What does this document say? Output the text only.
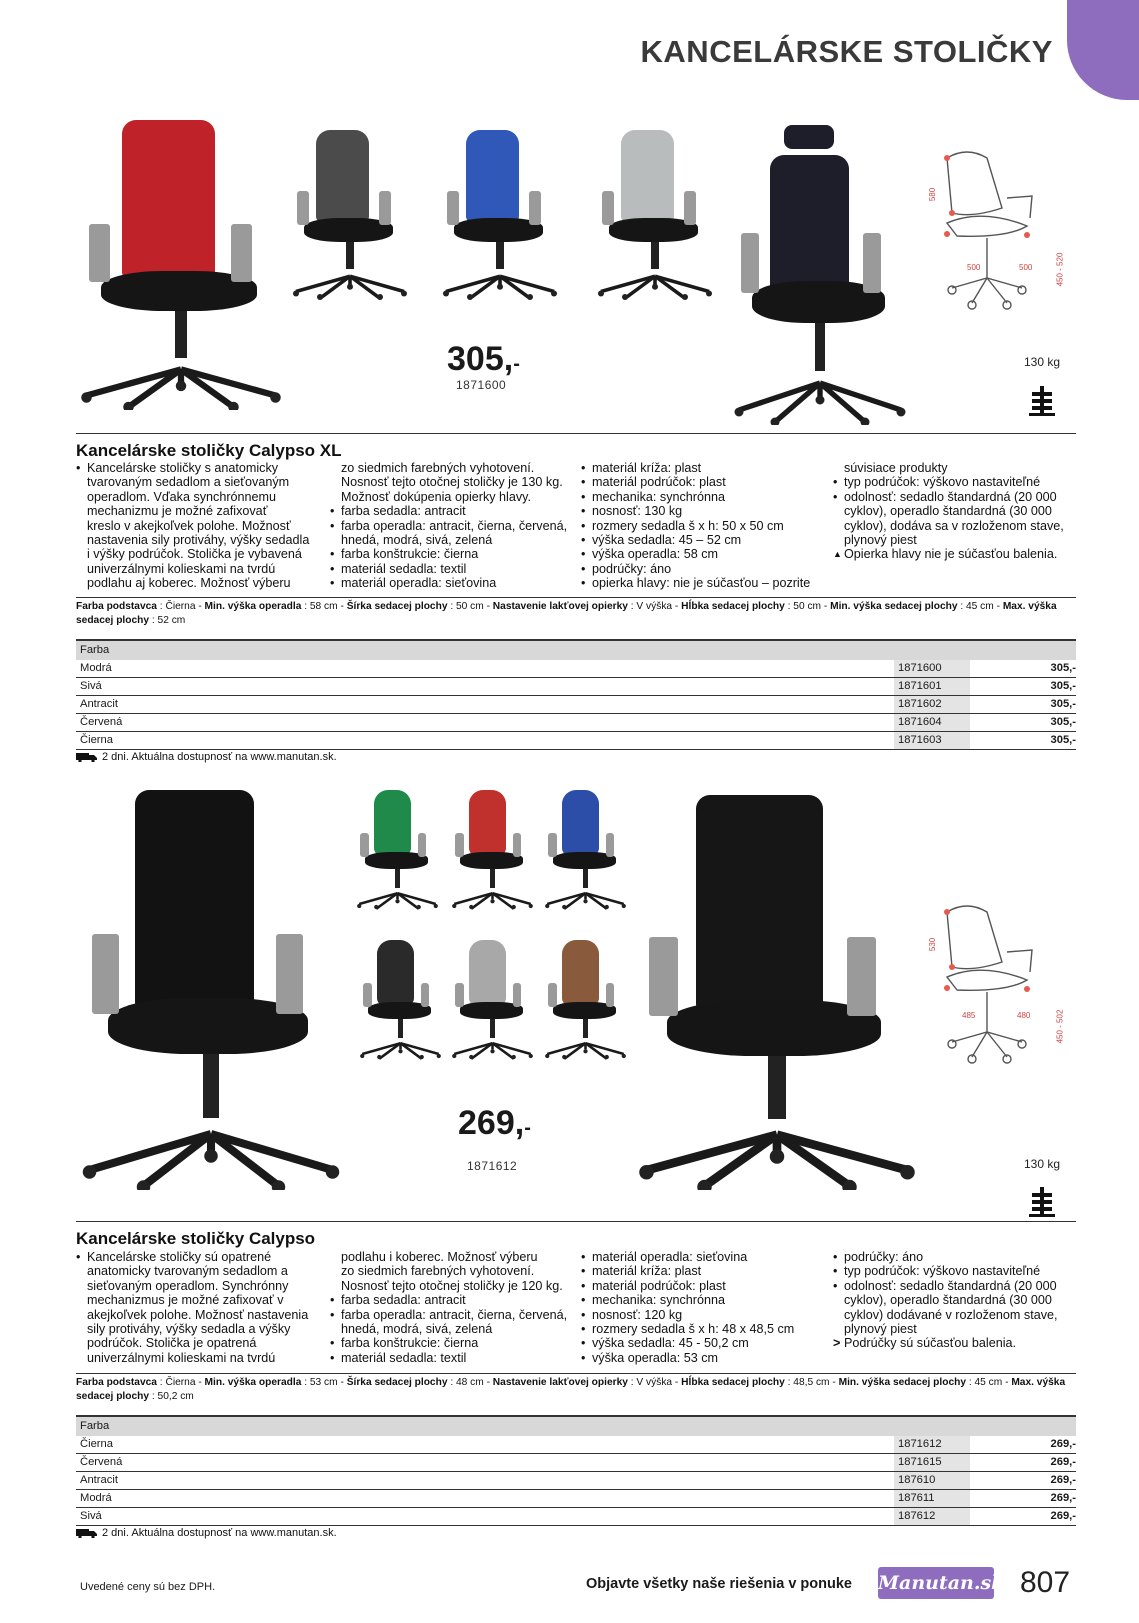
KANCELÁRSKE STOLIČKY
305,-
1871600
130 kg
580
500	500	450 - 520
Kancelárske stoličky Calypso XL
• Kancelárske stoličky s anatomicky
tvarovaným sedadlom a sieťovaným
operadlom. Vďaka synchrónnemu
mechanizmu je možné zafixovať
kreslo v akejkoľvek polohe. Možnosť
nastavenia sily protiváhy, výšky sedadla
i výšky podrúčok. Stolička je vybavená
univerzálnymi kolieskami na tvrdú
podlahu aj koberec. Možnosť výberu
zo siedmich farebných vyhotovení.
Nosnosť tejto otočnej stoličky je 130 kg.
Možnosť dokúpenia opierky hlavy.
• farba sedadla: antracit
• farba operadla: antracit, čierna, červená,
hnedá, modrá, sivá, zelená
• farba konštrukcie: čierna
• materiál sedadla: textil
• materiál operadla: sieťovina
• materiál kríža: plast
• materiál podrúčok: plast
• mechanika: synchrónna
• nosnosť: 130 kg
• rozmery sedadla š x h: 50 x 50 cm
• výška sedadla: 45 – 52 cm
• výška operadla: 58 cm
• podrúčky: áno
• opierka hlavy: nie je súčasťou – pozrite
súvisiace produkty
• typ podrúčok: výškovo nastaviteľné
• odolnosť: sedadlo štandardná (20 000
cyklov), operadlo štandardná (30 000
cyklov), dodáva sa v rozloženom stave,
plynový piest
▲ Opierka hlavy nie je súčasťou balenia.
Farba podstavca : Čierna - Min. výška operadla : 58 cm - Šírka sedacej plochy : 50 cm - Nastavenie lakťovej opierky : V výška - Hĺbka sedacej plochy : 50 cm - Min. výška sedacej plochy : 45 cm - Max. výška sedacej plochy : 52 cm
Farba
Modrá	1871600	305,-
Sivá	1871601	305,-
Antracit	1871602	305,-
Červená	1871604	305,-
Čierna	1871603	305,-
2 dni. Aktuálna dostupnosť na www.manutan.sk.
269,-
1871612	130 kg
530
485	480	450 - 502
Kancelárske stoličky Calypso
• Kancelárske stoličky sú opatrené
anatomicky tvarovaným sedadlom a
sieťovaným operadlom. Synchrónny
mechanizmus je možné zafixovať v
akejkoľvek polohe. Možnosť nastavenia
sily protiváhy, výšky sedadla a výšky
podrúčok. Stolička je opatrená
univerzálnymi kolieskami na tvrdú
podlahu i koberec. Možnosť výberu
zo siedmich farebných vyhotovení.
Nosnosť tejto otočnej stoličky je 120 kg.
• farba sedadla: antracit
• farba operadla: antracit, čierna, červená,
hnedá, modrá, sivá, zelená
• farba konštrukcie: čierna
• materiál sedadla: textil
• materiál operadla: sieťovina
• materiál kríža: plast
• materiál podrúčok: plast
• mechanika: synchrónna
• nosnosť: 120 kg
• rozmery sedadla š x h: 48 x 48,5 cm
• výška sedadla: 45 - 50,2 cm
• výška operadla: 53 cm
• podrúčky: áno
• typ podrúčok: výškovo nastaviteľné
• odolnosť: sedadlo štandardná (20 000
cyklov), operadlo štandardná (30 000
cyklov) dodávané v rozloženom stave,
plynový piest
> Podrúčky sú súčasťou balenia.
Farba podstavca : Čierna - Min. výška operadla : 53 cm - Šírka sedacej plochy : 48 cm - Nastavenie lakťovej opierky : V výška - Hĺbka sedacej plochy : 48,5 cm - Min. výška sedacej plochy : 45 cm - Max. výška sedacej plochy : 50,2 cm
Farba
Čierna	1871612	269,-
Červená	1871615	269,-
Antracit	187610	269,-
Modrá	187611	269,-
Sivá	187612	269,-
2 dni. Aktuálna dostupnosť na www.manutan.sk.
Uvedené ceny sú bez DPH.	Objavte všetky naše riešenia v ponuke Manutan.sk 807
